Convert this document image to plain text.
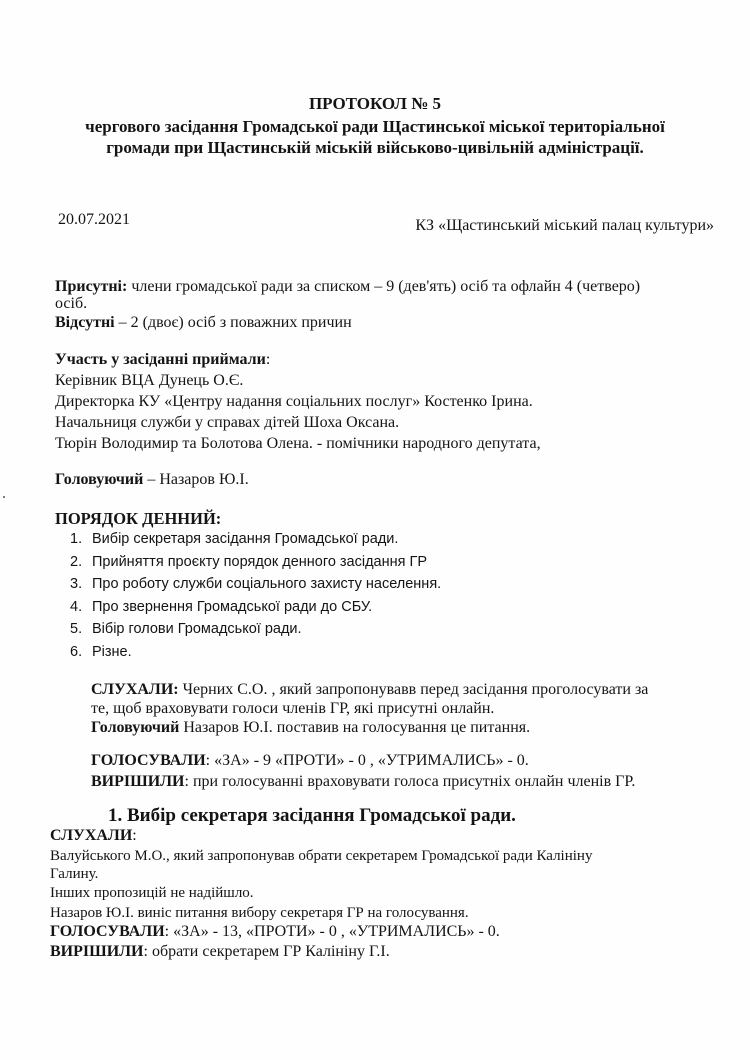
ПРОТОКОЛ № 5
чергового засідання Громадської ради Щастинської міської територіальної
громади при Щастинській міській військово-цивільній адміністрації.
20.07.2021	КЗ «Щастинський міський палац культури»
Присутні: члени громадської ради за списком – 9 (дев'ять) осіб та офлайн 4 (четверо)
осіб.
Відсутні – 2 (двоє) осіб з поважних причин
Участь у засіданні приймали:
Керівник ВЦА Дунець О.Є.
Директорка КУ «Центру надання соціальних послуг» Костенко Ірина.
Начальниця служби у справах дітей Шоха Оксана.
Тюрін Володимир та Болотова Олена. - помічники народного депутата,
Головуючий – Назаров Ю.І.
ПОРЯДОК ДЕННИЙ:
1. Вибір секретаря засідання Громадської ради.
2. Прийняття проєкту порядок денного засідання ГР
3. Про роботу служби соціального захисту населення.
4. Про звернення Громадської ради до СБУ.
5. Вібір голови Громадської ради.
6. Різне.
СЛУХАЛИ: Черних С.О. , який запропонувавв перед засідання проголосувати за
те, щоб враховувати голоси членів ГР, які присутні онлайн.
Головуючий Назаров Ю.І. поставив на голосування це питання.
ГОЛОСУВАЛИ: «ЗА» - 9 «ПРОТИ» - 0 , «УТРИМАЛИСЬ» - 0.
ВИРІШИЛИ: при голосуванні враховувати голоса присутніх онлайн членів ГР.
1. Вибір секретаря засідання Громадської ради.
СЛУХАЛИ:
Валуйського М.О., який запропонував обрати секретарем Громадської ради Калініну
Галину.
Інших пропозицій не надійшло.
Назаров Ю.І. виніс питання вибору секретаря ГР на голосування.
ГОЛОСУВАЛИ: «ЗА» - 13, «ПРОТИ» - 0 , «УТРИМАЛИСЬ» - 0.
ВИРІШИЛИ: обрати секретарем ГР Калініну Г.І.
